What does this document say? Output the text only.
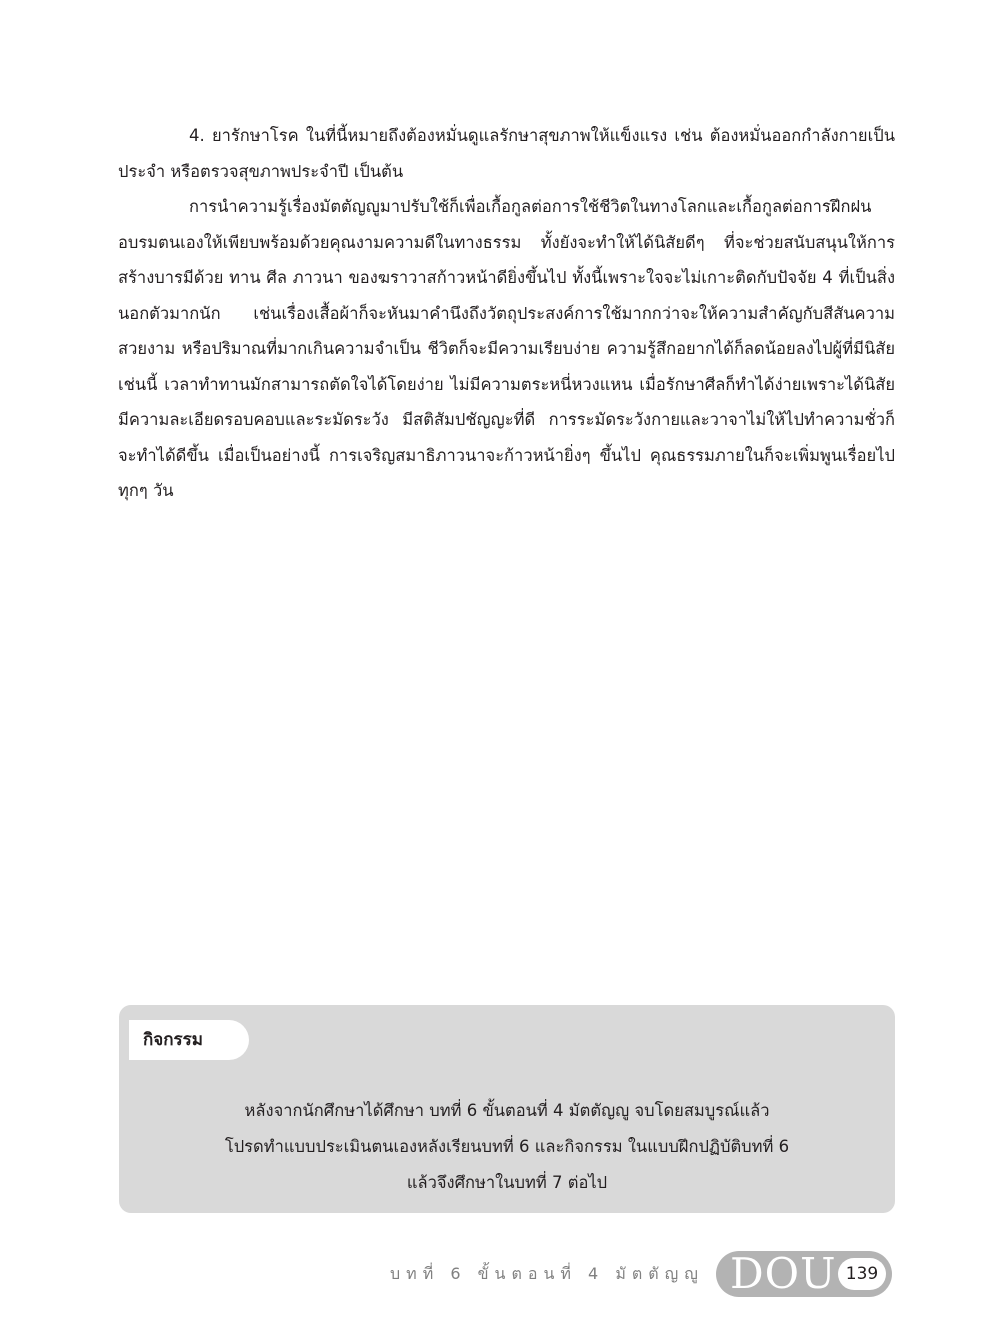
4. ยารักษาโรค ในที่นี้หมายถึงต้องหมั่นดูแลรักษาสุขภาพให้แข็งแรง เช่น ต้องหมั่นออกกำลังกายเป็นประจำ หรือตรวจสุขภาพประจำปี เป็นต้น

การนำความรู้เรื่องมัตตัญญูมาปรับใช้ก็เพื่อเกื้อกูลต่อการใช้ชีวิตในทางโลกและเกื้อกูลต่อการฝึกฝนอบรมตนเองให้เพียบพร้อมด้วยคุณงามความดีในทางธรรม ทั้งยังจะทำให้ได้นิสัยดีๆ ที่จะช่วยสนับสนุนให้การสร้างบารมีด้วย ทาน ศีล ภาวนา ของฆราวาสก้าวหน้าดียิ่งขึ้นไป ทั้งนี้เพราะใจจะไม่เกาะติดกับปัจจัย 4 ที่เป็นสิ่งนอกตัวมากนัก เช่นเรื่องเสื้อผ้าก็จะหันมาคำนึงถึงวัตถุประสงค์การใช้มากกว่าจะให้ความสำคัญกับสีสันความสวยงาม หรือปริมาณที่มากเกินความจำเป็น ชีวิตก็จะมีความเรียบง่าย ความรู้สึกอยากได้ก็ลดน้อยลงไปผู้ที่มีนิสัยเช่นนี้ เวลาทำทานมักสามารถตัดใจได้โดยง่าย ไม่มีความตระหนี่หวงแหน เมื่อรักษาศีลก็ทำได้ง่ายเพราะได้นิสัยมีความละเอียดรอบคอบและระมัดระวัง มีสติสัมปชัญญะที่ดี การระมัดระวังกายและวาจาไม่ให้ไปทำความชั่วก็จะทำได้ดีขึ้น เมื่อเป็นอย่างนี้ การเจริญสมาธิภาวนาจะก้าวหน้ายิ่งๆ ขึ้นไป คุณธรรมภายในก็จะเพิ่มพูนเรื่อยไปทุกๆ วัน

กิจกรรม
หลังจากนักศึกษาได้ศึกษา บทที่ 6 ขั้นตอนที่ 4 มัตตัญญู จบโดยสมบูรณ์แล้ว
โปรดทำแบบประเมินตนเองหลังเรียนบทที่ 6 และกิจกรรม ในแบบฝึกปฏิบัติบทที่ 6
แล้วจึงศึกษาในบทที่ 7 ต่อไป
บทที่ 6 ขั้นตอนที่ 4 มัตตัญญู DOU 139
